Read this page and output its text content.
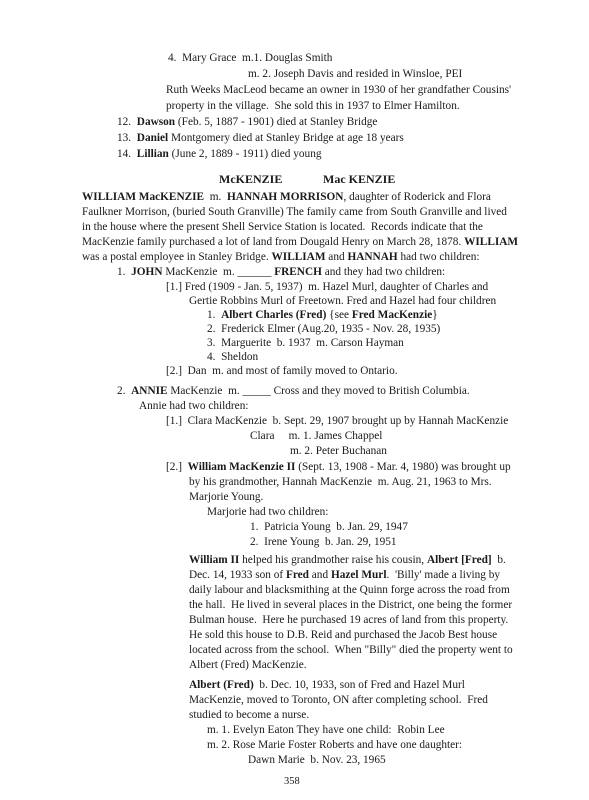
4.  Mary Grace  m.1. Douglas Smith
m. 2. Joseph Davis and resided in Winsloe, PEI
Ruth Weeks MacLeod became an owner in 1930 of her grandfather Cousins'
property in the village.  She sold this in 1937 to Elmer Hamilton.
12.  Dawson (Feb. 5, 1887 - 1901) died at Stanley Bridge
13.  Daniel Montgomery died at Stanley Bridge at age 18 years
14.  Lillian (June 2, 1889 - 1911) died young
McKENZIE	Mac KENZIE
WILLIAM MacKENZIE  m.  HANNAH MORRISON, daughter of Roderick and Flora
Faulkner Morrison, (buried South Granville) The family came from South Granville and lived
in the house where the present Shell Service Station is located.  Records indicate that the
MacKenzie family purchased a lot of land from Dougald Henry on March 28, 1878. WILLIAM
was a postal employee in Stanley Bridge. WILLIAM and HANNAH had two children:
1.  JOHN MacKenzie  m. ______ FRENCH and they had two children:
[1.] Fred (1909 - Jan. 5, 1937)  m. Hazel Murl, daughter of Charles and
Gertie Robbins Murl of Freetown. Fred and Hazel had four children
1.  Albert Charles (Fred) {see Fred MacKenzie}
2.  Frederick Elmer (Aug.20, 1935 - Nov. 28, 1935)
3.  Marguerite  b. 1937  m. Carson Hayman
4.  Sheldon
[2.]  Dan  m. and most of family moved to Ontario.
2.  ANNIE MacKenzie  m. _____ Cross and they moved to British Columbia.
Annie had two children:
[1.]  Clara MacKenzie  b. Sept. 29, 1907 brought up by Hannah MacKenzie
Clara     m. 1. James Chappel
m. 2. Peter Buchanan
[2.]  William MacKenzie II (Sept. 13, 1908 - Mar. 4, 1980) was brought up
by his grandmother, Hannah MacKenzie  m. Aug. 21, 1963 to Mrs.
Marjorie Young.
Marjorie had two children:
1.  Patricia Young  b. Jan. 29, 1947
2.  Irene Young  b. Jan. 29, 1951
William II helped his grandmother raise his cousin, Albert [Fred]  b.
Dec. 14, 1933 son of Fred and Hazel Murl.  'Billy' made a living by
daily labour and blacksmithing at the Quinn forge across the road from
the hall.  He lived in several places in the District, one being the former
Bulman house.  Here he purchased 19 acres of land from this property.
He sold this house to D.B. Reid and purchased the Jacob Best house
located across from the school.  When "Billy" died the property went to
Albert (Fred) MacKenzie.
Albert (Fred)  b. Dec. 10, 1933, son of Fred and Hazel Murl
MacKenzie, moved to Toronto, ON after completing school.  Fred
studied to become a nurse.
m. 1. Evelyn Eaton They have one child:  Robin Lee
m. 2. Rose Marie Foster Roberts and have one daughter:
Dawn Marie  b. Nov. 23, 1965
358
